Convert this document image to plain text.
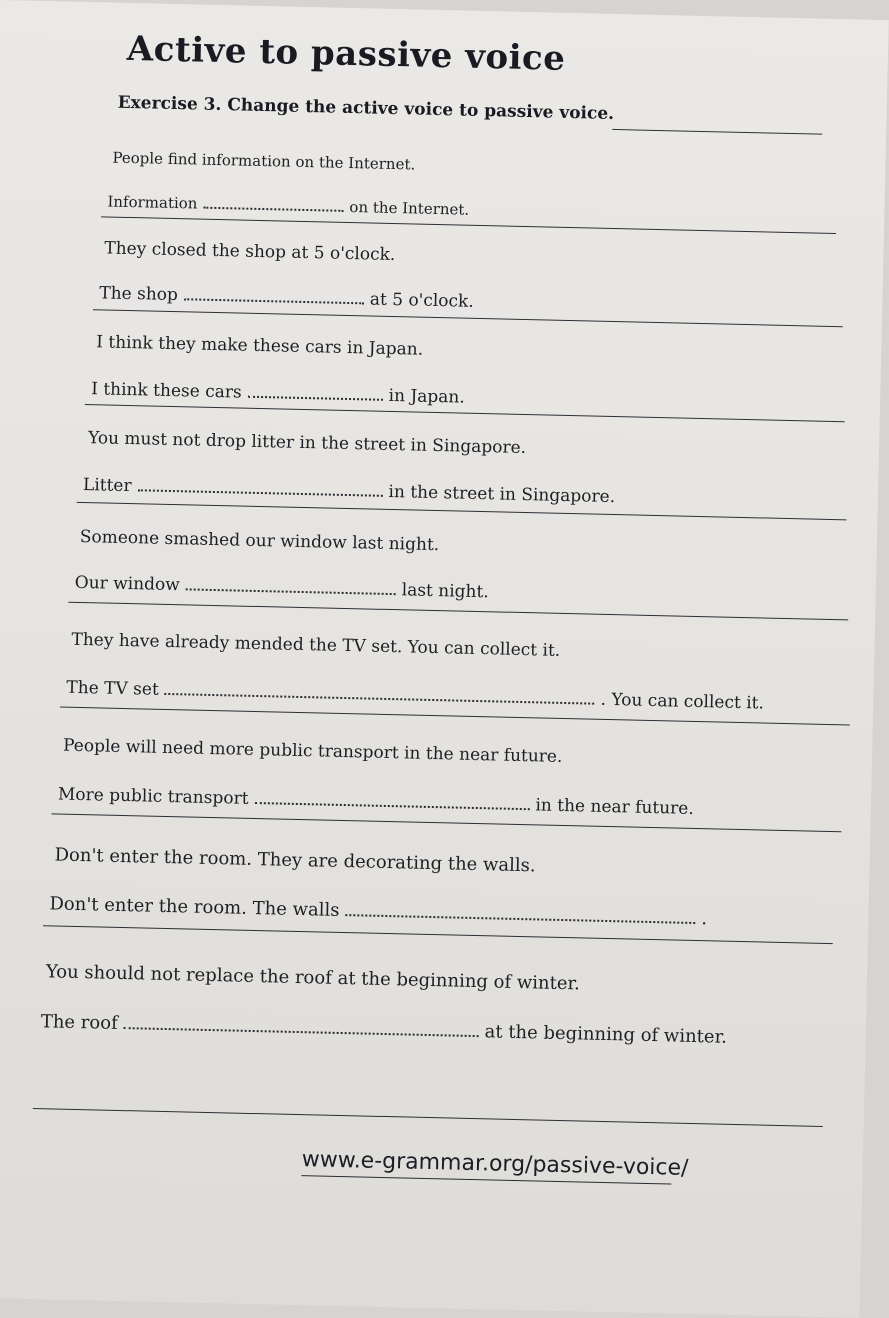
Active to passive voice
Exercise 3. Change the active voice to passive voice.
People find information on the Internet.
Information	on the Internet.
They closed the shop at 5 o'clock.
The shop	at 5 o'clock.
I think they make these cars in Japan.
I think these cars	in Japan.
You must not drop litter in the street in Singapore.
Litter	in the street in Singapore.
Someone smashed our window last night.
Our window	last night.
They have already mended the TV set. You can collect it.
The TV set. You can collect it.
People will need more public transport in the near future.
More public transport	in the near future.
Don't enter the room. They are decorating the walls.
Don't enter the room. The walls	.
You should not replace the roof at the beginning of winter.
The roof	at the beginning of winter.
www.e-grammar.org/passive-voice/
